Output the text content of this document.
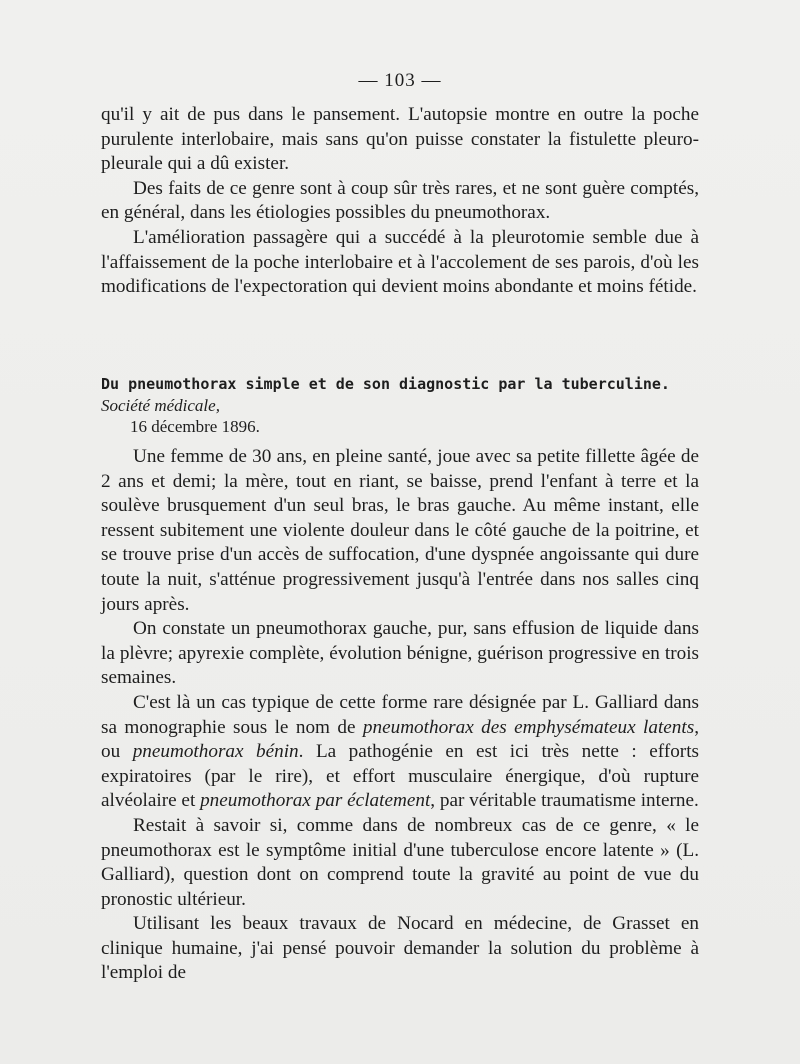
— 103 —

qu'il y ait de pus dans le pansement. L'autopsie montre en outre la poche purulente interlobaire, mais sans qu'on puisse constater la fistulette pleuro-pleurale qui a dû exister.

Des faits de ce genre sont à coup sûr très rares, et ne sont guère comptés, en général, dans les étiologies possibles du pneumothorax.

L'amélioration passagère qui a succédé à la pleurotomie semble due à l'affaissement de la poche interlobaire et à l'accolement de ses parois, d'où les modifications de l'expectoration qui devient moins abondante et moins fétide.

Du pneumothorax simple et de son diagnostic par la tuberculine. Société médicale,
16 décembre 1896.

Une femme de 30 ans, en pleine santé, joue avec sa petite fillette âgée de 2 ans et demi; la mère, tout en riant, se baisse, prend l'enfant à terre et la soulève brusquement d'un seul bras, le bras gauche. Au même instant, elle ressent subitement une violente douleur dans le côté gauche de la poitrine, et se trouve prise d'un accès de suffocation, d'une dyspnée angoissante qui dure toute la nuit, s'atténue progressivement jusqu'à l'entrée dans nos salles cinq jours après.

On constate un pneumothorax gauche, pur, sans effusion de liquide dans la plèvre; apyrexie complète, évolution bénigne, guérison progressive en trois semaines.

C'est là un cas typique de cette forme rare désignée par L. Galliard dans sa monographie sous le nom de pneumothorax des emphysémateux latents, ou pneumothorax bénin. La pathogénie en est ici très nette : efforts expiratoires (par le rire), et effort musculaire énergique, d'où rupture alvéolaire et pneumothorax par éclatement, par véritable traumatisme interne.

Restait à savoir si, comme dans de nombreux cas de ce genre, « le pneumothorax est le symptôme initial d'une tuberculose encore latente » (L. Galliard), question dont on comprend toute la gravité au point de vue du pronostic ultérieur.

Utilisant les beaux travaux de Nocard en médecine, de Grasset en clinique humaine, j'ai pensé pouvoir demander la solution du problème à l'emploi de
